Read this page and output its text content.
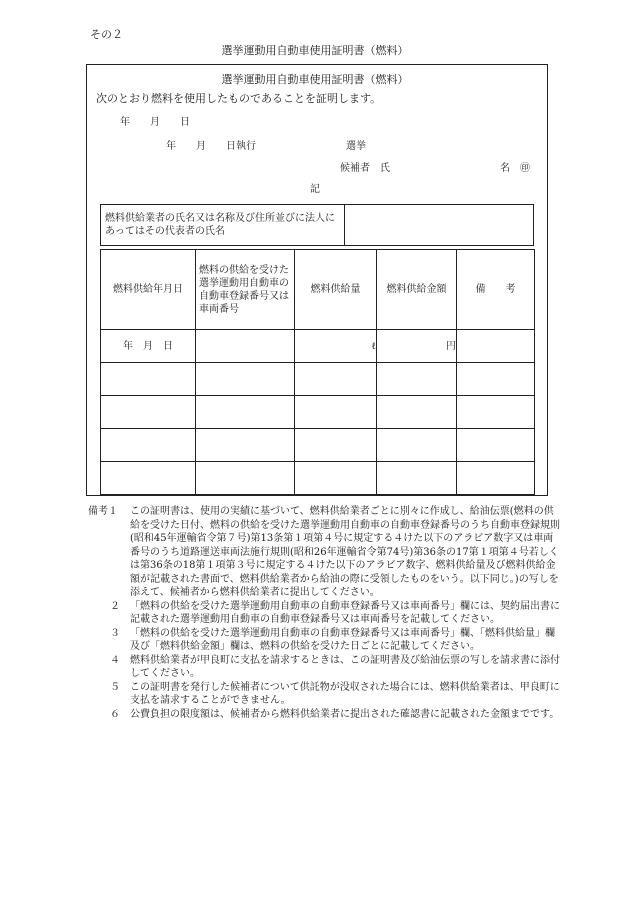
その２
選挙運動用自動車使用証明書（燃料）
選挙運動用自動車使用証明書（燃料）
次のとおり燃料を使用したものであることを証明します。
年　　月　　日
年　　月　　日執行　　　　　　　　　選挙
候補者　氏　　　　　　　　　　　名　㊞
記
燃料供給業者の氏名又は名称及び住所並びに法人にあってはその代表者の氏名	
燃料供給年月日	燃料の供給を受けた選挙運動用自動車の自動車登録番号又は車両番号	燃料供給量	燃料供給金額	備　　考
年　月　日		ℓ	円	

備考１	この証明書は、使用の実績に基づいて、燃料供給業者ごとに別々に作成し、給油伝票(燃料の供給を受けた日付、燃料の供給を受けた選挙運動用自動車の自動車登録番号のうち自動車登録規則(昭和45年運輸省令第７号)第13条第１項第４号に規定する４けた以下のアラビア数字又は車両番号のうち道路運送車両法施行規則(昭和26年運輸省令第74号)第36条の17第１項第４号若しくは第36条の18第１項第３号に規定する４けた以下のアラビア数字、燃料供給量及び燃料供給金額が記載された書面で、燃料供給業者から給油の際に受領したものをいう。以下同じ。)の写しを添えて、候補者から燃料供給業者に提出してください。
２	「燃料の供給を受けた選挙運動用自動車の自動車登録番号又は車両番号」欄には、契約届出書に記載された選挙運動用自動車の自動車登録番号又は車両番号を記載してください。
３	「燃料の供給を受けた選挙運動用自動車の自動車登録番号又は車両番号」欄、「燃料供給量」欄及び「燃料供給金額」欄は、燃料の供給を受けた日ごとに記載してください。
４	燃料供給業者が甲良町に支払を請求するときは、この証明書及び給油伝票の写しを請求書に添付してください。
５	この証明書を発行した候補者について供託物が没収された場合には、燃料供給業者は、甲良町に支払を請求することができません。
６	公費負担の限度額は、候補者から燃料供給業者に提出された確認書に記載された金額までです。
